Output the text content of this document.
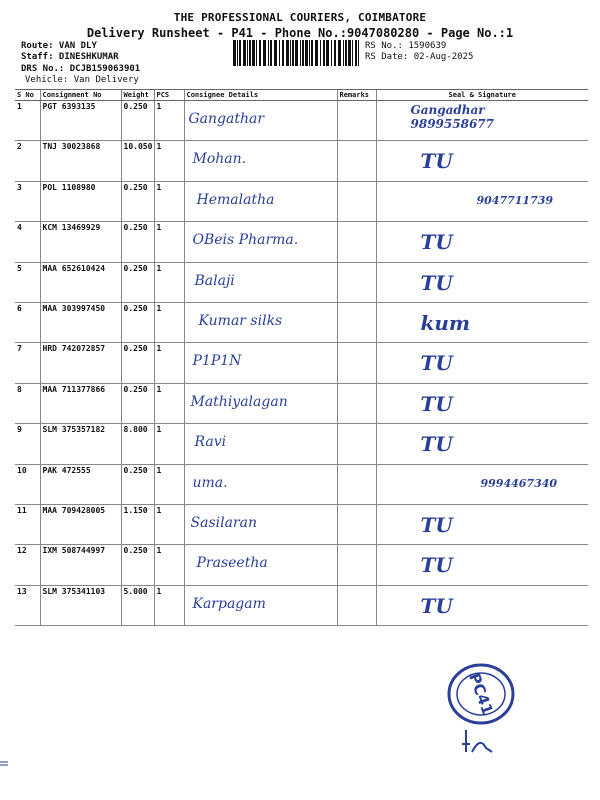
THE PROFESSIONAL COURIERS, COIMBATORE
Delivery Runsheet - P41 - Phone No.:9047080280 - Page No.:1
Route: VAN DLY
Staff: DINESHKUMAR
DRS No.: DCJB159063901
Vehicle: Van Delivery
RS No.: 1590639
RS Date: 02-Aug-2025
S No	Consignment No	Weight	PCS	Consignee Details	Remarks	Seal & Signature
1	PGT 6393135	0.250	1	Gangathar		Gangadhar 9899558677

2	TNJ 30023868	10.050	1	Mohan.		TU

3	POL 1108980	0.250	1	Hemalatha		9047711739

4	KCM 13469929	0.250	1	OBeis Pharma.		TU

5	MAA 652610424	0.250	1	Balaji		TU

6	MAA 303997450	0.250	1	Kumar silks		kum

7	HRD 742072857	0.250	1	P1P1N		TU

8	MAA 711377866	0.250	1	Mathiyalagan		TU

9	SLM 375357182	8.800	1	Ravi		TU

10	PAK 472555	0.250	1	uma.		9994467340

11	MAA 709428005	1.150	1	Sasilaran		TU

12	IXM 508744997	0.250	1	Praseetha		TU

13	SLM 375341103	5.000	1	Karpagam		TU
PC41
